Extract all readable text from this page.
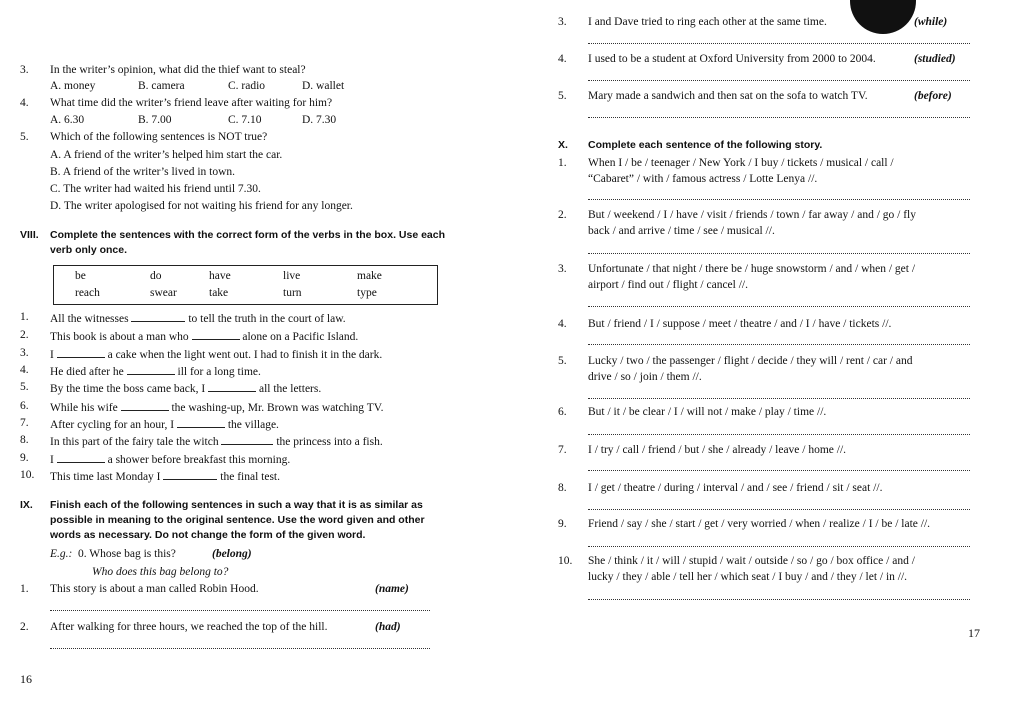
3. In the writer’s opinion, what did the thief want to steal?
A. money	B. camera	C. radio	D. wallet
4. What time did the writer’s friend leave after waiting for him?
A. 6.30	B. 7.00	C. 7.10	D. 7.30
5. Which of the following sentences is NOT true?
A. A friend of the writer’s helped him start the car.
B. A friend of the writer’s lived in town.
C. The writer had waited his friend until 7.30.
D. The writer apologised for not waiting his friend for any longer.
VIII. Complete the sentences with the correct form of the verbs in the box. Use each verb only once.
be	do	have	live	make
reach	swear	take	turn	type
1. All the witnesses	to tell the truth in the court of law.
2. This book is about a man who	alone on a Pacific Island.
3. I	a cake when the light went out. I had to finish it in the dark.
4. He died after he	ill for a long time.
5. By the time the boss came back, I	all the letters.
6. While his wife	the washing-up, Mr. Brown was watching TV.
7. After cycling for an hour, I	the village.
8. In this part of the fairy tale the witch	the princess into a fish.
9. I	a shower before breakfast this morning.
10. This time last Monday I	the final test.
IX. Finish each of the following sentences in such a way that it is as similar as possible in meaning to the original sentence. Use the word given and other words as necessary. Do not change the form of the given word.
E.g.: 0. Whose bag is this?	(belong)
Who does this bag belong to?
1. This story is about a man called Robin Hood.	(name)
2. After walking for three hours, we reached the top of the hill.	(had)
16
3. I and Dave tried to ring each other at the same time.	(while)
4. I used to be a student at Oxford University from 2000 to 2004.	(studied)
5. Mary made a sandwich and then sat on the sofa to watch TV.	(before)
X. Complete each sentence of the following story.
1. When I / be / teenager / New York / I buy / tickets / musical / call /
“Cabaret” / with / famous actress / Lotte Lenya //.
2. But / weekend / I / have / visit / friends / town / far away / and / go / fly
back / and arrive / time / see / musical //.
3. Unfortunate / that night / there be / huge snowstorm / and / when / get /
airport / find out / flight / cancel //.
4. But / friend / I / suppose / meet / theatre / and / I / have / tickets //.
5. Lucky / two / the passenger / flight / decide / they will / rent / car / and
drive / so / join / them //.
6. But / it / be clear / I / will not / make / play / time //.
7. I / try / call / friend / but / she / already / leave / home //.
8. I / get / theatre / during / interval / and / see / friend / sit / seat //.
9. Friend / say / she / start / get / very worried / when / realize / I / be / late //.
10. She / think / it / will / stupid / wait / outside / so / go / box office / and /
lucky / they / able / tell her / which seat / I buy / and / they / let / in //.
17
